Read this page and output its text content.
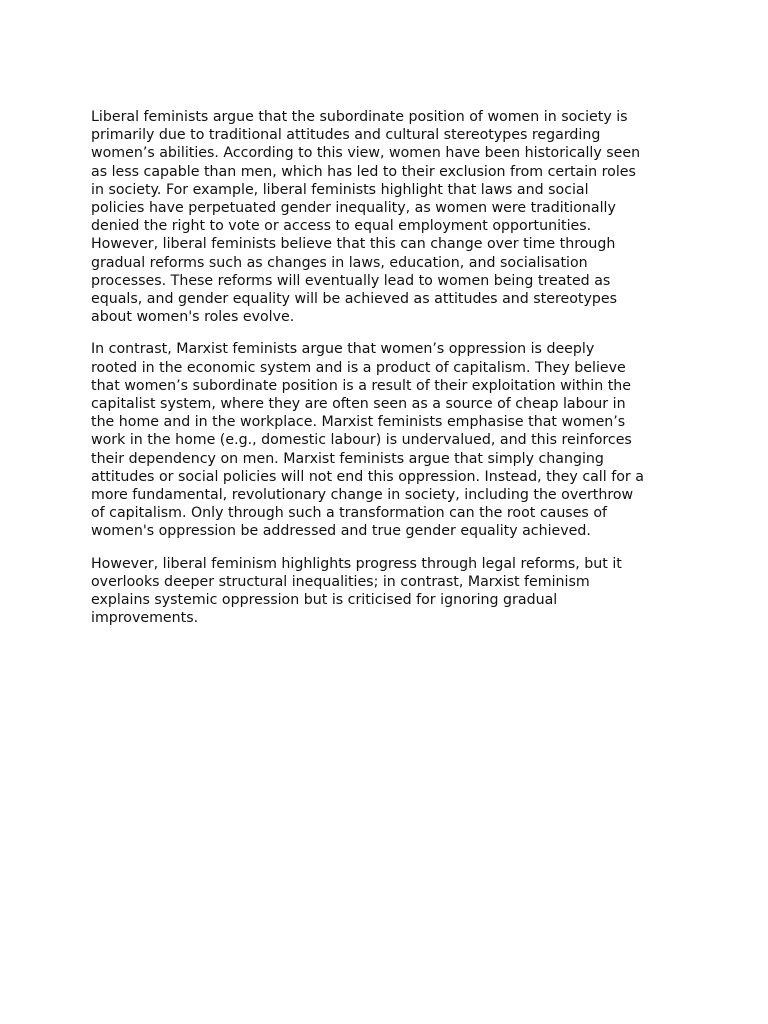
Liberal feminists argue that the subordinate position of women in society is
primarily due to traditional attitudes and cultural stereotypes regarding
women’s abilities. According to this view, women have been historically seen
as less capable than men, which has led to their exclusion from certain roles
in society. For example, liberal feminists highlight that laws and social
policies have perpetuated gender inequality, as women were traditionally
denied the right to vote or access to equal employment opportunities.
However, liberal feminists believe that this can change over time through
gradual reforms such as changes in laws, education, and socialisation
processes. These reforms will eventually lead to women being treated as
equals, and gender equality will be achieved as attitudes and stereotypes
about women's roles evolve.

In contrast, Marxist feminists argue that women’s oppression is deeply
rooted in the economic system and is a product of capitalism. They believe
that women’s subordinate position is a result of their exploitation within the
capitalist system, where they are often seen as a source of cheap labour in
the home and in the workplace. Marxist feminists emphasise that women’s
work in the home (e.g., domestic labour) is undervalued, and this reinforces
their dependency on men. Marxist feminists argue that simply changing
attitudes or social policies will not end this oppression. Instead, they call for a
more fundamental, revolutionary change in society, including the overthrow
of capitalism. Only through such a transformation can the root causes of
women's oppression be addressed and true gender equality achieved.

However, liberal feminism highlights progress through legal reforms, but it
overlooks deeper structural inequalities; in contrast, Marxist feminism
explains systemic oppression but is criticised for ignoring gradual
improvements.
